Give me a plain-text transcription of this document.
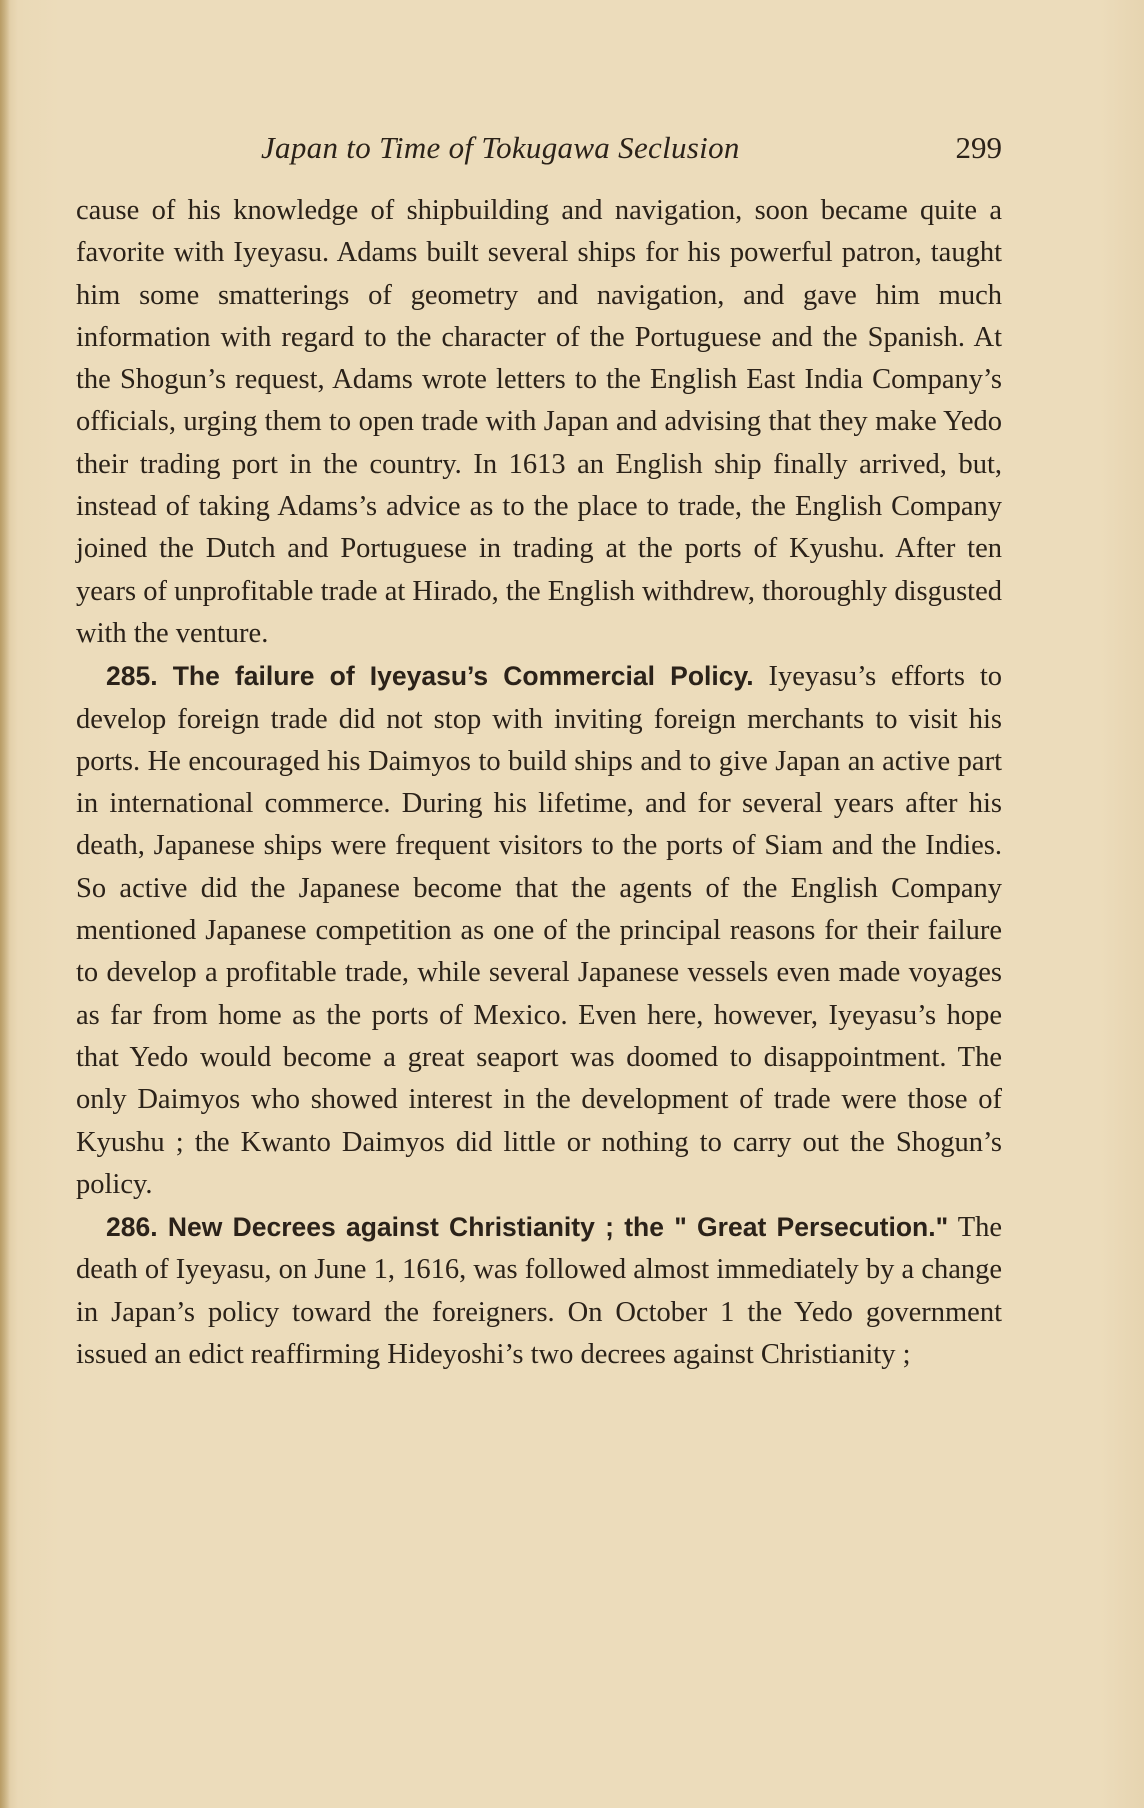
Japan to Time of Tokugawa Seclusion	299

cause of his knowledge of shipbuilding and navigation, soon became quite a favorite with Iyeyasu. Adams built several ships for his powerful patron, taught him some smatterings of geometry and navigation, and gave him much information with regard to the character of the Portuguese and the Spanish. At the Shogun’s request, Adams wrote letters to the English East India Company’s officials, urging them to open trade with Japan and advising that they make Yedo their trading port in the country. In 1613 an English ship finally arrived, but, instead of taking Adams’s advice as to the place to trade, the English Company joined the Dutch and Portuguese in trading at the ports of Kyushu. After ten years of unprofitable trade at Hirado, the English withdrew, thoroughly disgusted with the venture.

285. The failure of Iyeyasu’s Commercial Policy. Iyeyasu’s efforts to develop foreign trade did not stop with inviting foreign merchants to visit his ports. He encouraged his Daimyos to build ships and to give Japan an active part in international commerce. During his lifetime, and for several years after his death, Japanese ships were frequent visitors to the ports of Siam and the Indies. So active did the Japanese become that the agents of the English Company mentioned Japanese competition as one of the principal reasons for their failure to develop a profitable trade, while several Japanese vessels even made voyages as far from home as the ports of Mexico. Even here, however, Iyeyasu’s hope that Yedo would become a great seaport was doomed to disappointment. The only Daimyos who showed interest in the development of trade were those of Kyushu ; the Kwanto Daimyos did little or nothing to carry out the Shogun’s policy.

286. New Decrees against Christianity ; the " Great Persecution." The death of Iyeyasu, on June 1, 1616, was followed almost immediately by a change in Japan’s policy toward the foreigners. On October 1 the Yedo government issued an edict reaffirming Hideyoshi’s two decrees against Christianity ;
